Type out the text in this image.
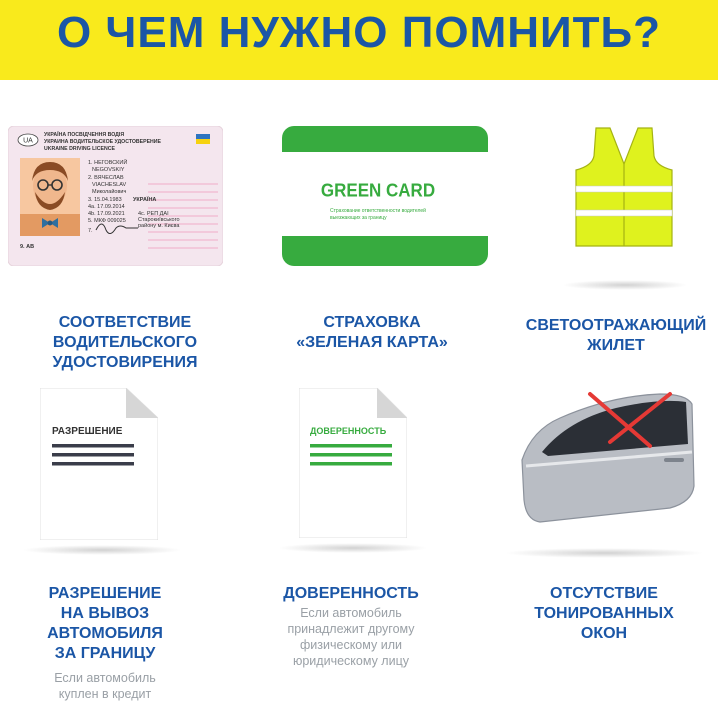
О ЧЕМ НУЖНО ПОМНИТЬ?
UA
УКРАЇНА ПОСВІДЧЕННЯ ВОДІЯ
УКРАИНА ВОДИТЕЛЬСКОЕ УДОСТОВЕРЕНИЕ
UKRAINE DRIVING LICENCE
1. НЕГОВСКИЙ
NEGOVSKIY
2. ВЯЧЕСЛАВ
VIACHESLAV
Миколайович
3. 15.04.1983 УКРАЇНА
4a. 17.09.2014
4b. 17.09.2021 4c. РЕП ДАІ
Старокиївського
району м. Києва
5. МКФ 009025
7.
9. АВ
GREEN CARD
Страхование ответственности водителей
выезжающих за границу
СООТВЕТСТВИЕ
ВОДИТЕЛЬСКОГО
УДОСТОВИРЕНИЯ
СТРАХОВКА
«ЗЕЛЕНАЯ КАРТА»
СВЕТООТРАЖАЮЩИЙ
ЖИЛЕТ
РАЗРЕШЕНИЕ	ДОВЕРЕННОСТЬ
РАЗРЕШЕНИЕ
НА ВЫВОЗ
АВТОМОБИЛЯ
ЗА ГРАНИЦУ
Если автомобиль
куплен в кредит
ДОВЕРЕННОСТЬ
Если автомобиль
принадлежит другому
физическому или
юридическому лицу
ОТСУТСТВИЕ
ТОНИРОВАННЫХ
ОКОН
